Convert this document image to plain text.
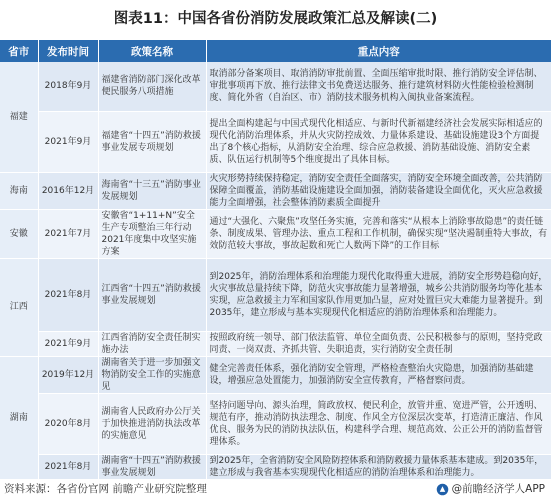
图表11：中国各省份消防发展政策汇总及解读(二)
省市	发布时间	政策名称	重点内容
福建	2018年9月	福建省消防部门深化改革便民服务八项措施	取消部分备案项目、取消消防审批前置、全面压缩审批时限、推行消防安全评估制、审批事项再下放、推行法律文书免费送达服务、推行建筑材料防火性能检验检测制度、简化外省（自治区、市）消防技术服务机构入闽执业备案流程。
	2021年9月	福建省“十四五”消防救援事业发展专项规划	提出全面构建起与中国式现代化相适应、与新时代新福建经济社会发展实际相适应的现代化消防治理体系，并从火灾防控成效、力量体系建设、基础设施建设3个方面提出了8个核心指标，从消防安全治理、综合应急救援、消防基础设施、消防安全素质、队伍运行机制等5个维度提出了具体目标。
海南	2016年12月	海南省“十三五”消防事业发展规划	火灾形势持续保持稳定，消防安全责任全面落实，消防安全环境全面改善，公共消防保障全面覆盖，消防基础设施建设全面加强，消防装备建设全面优化，灭火应急救援能力全面增强，社会整体消防素质全面提升
安徽	2021年7月	安徽省“1+11+N”安全生产专项整治三年行动2021年度集中攻坚实施方案	通过“大强化、六聚焦”攻坚任务实施，完善和落实“从根本上消除事故隐患”的责任链条、制度成果、管理办法、重点工程和工作机制，确保实现“坚决遏制重特大事故，有效防范较大事故，事故起数和死亡人数两下降”的工作目标
江西	2021年8月	江西省“十四五”消防救援事业发展规划	到2025年，消防治理体系和治理能力现代化取得重大进展，消防安全形势趋稳向好，火灾事故总量持续下降，防范火灾事故能力显著增强，城乡公共消防服务均等化基本实现，应急救援主力军和国家队作用更加凸显，应对处置巨灾大难能力显著提升。到2035年，建立形成与基本实现现代化相适应的消防治理体系和治理能力。
	2021年9月	江西省消防安全责任制实施办法	按照政府统一领导、部门依法监管、单位全面负责、公民积极参与的原则，坚持党政同责、一岗双责、齐抓共管、失职追责，实行消防安全责任制
湖南	2019年12月	湖南省关于进一步加强文物消防安全工作的实施意见	健全完善责任体系，强化消防安全管理，严格检查整治火灾隐患，加强消防基础建设，增强应急处置能力，加强消防安全宣传教育，严格督察问责。
	2020年8月	湖南省人民政府办公厅关于加快推进消防执法改革的实施意见	坚持问题导向、源头治理，简政放权、便民利企，放管并重、宽进严管，公开透明、规范有序，推动消防执法理念、制度、作风全方位深层次变革，打造清正廉洁、作风优良、服务为民的消防执法队伍，构建科学合理、规范高效、公正公开的消防监督管理体系。
	2021年8月	湖南省“十四五”消防救援事业发展规划	到2025年，全省消防安全风险防控体系和消防救援力量体系基本建成。到2035年，建立形成与我省基本实现现代化相适应的消防治理体系和治理能力。
资料来源：各省份官网 前瞻产业研究院整理	@前瞻经济学人APP
